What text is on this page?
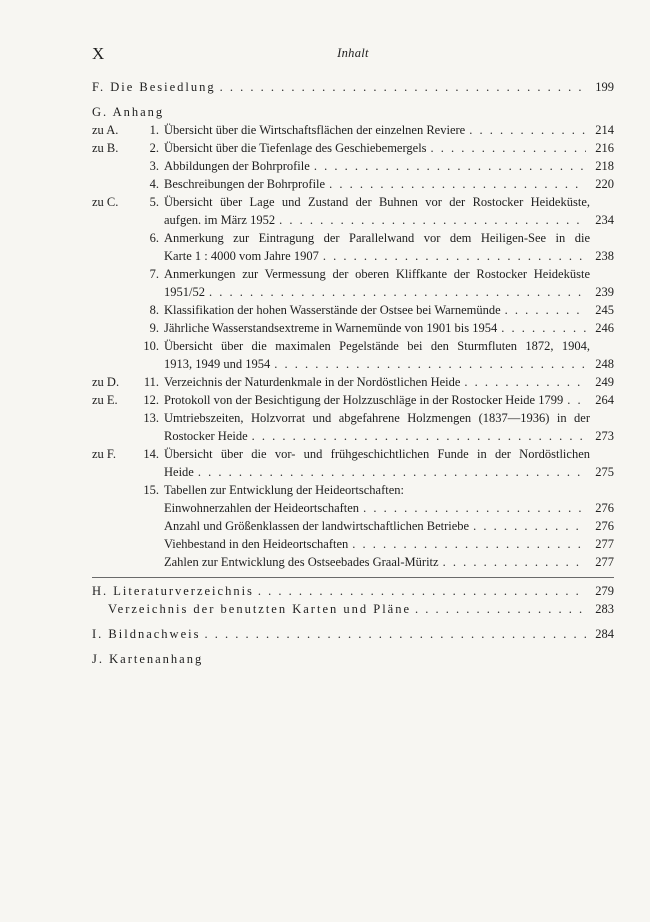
X	Inhalt
F. Die Besiedlung . . .	199
G. Anhang
zu A.	1. Übersicht über die Wirtschaftsflächen der einzelnen Reviere . . .	214
zu B.	2. Übersicht über die Tiefenlage des Geschiebemergels . . .	216
3. Abbildungen der Bohrprofile . . .	218
4. Beschreibungen der Bohrprofile . . .	220
zu C.	5. Übersicht über Lage und Zustand der Buhnen vor der Rostocker Heideküste,
aufgen. im März 1952 . . .	234
6. Anmerkung zur Eintragung der Parallelwand vor dem Heiligen-See in die
Karte 1 : 4000 vom Jahre 1907 . . .	238
7. Anmerkungen zur Vermessung der oberen Kliffkante der Rostocker Heideküste
1951/52 . . .	239
8. Klassifikation der hohen Wasserstände der Ostsee bei Warnemünde . . .	245
9. Jährliche Wasserstandsextreme in Warnemünde von 1901 bis 1954 . . .	246
10. Übersicht über die maximalen Pegelstände bei den Sturmfluten 1872, 1904,
1913, 1949 und 1954 . . .	248
zu D.	11. Verzeichnis der Naturdenkmale in der Nordöstlichen Heide . . .	249
zu E.	12. Protokoll von der Besichtigung der Holzzuschläge in der Rostocker Heide 1799 . . .	264
13. Umtriebszeiten, Holzvorrat und abgefahrene Holzmengen (1837—1936) in der
Rostocker Heide . . .	273
zu F.	14. Übersicht über die vor- und frühgeschichtlichen Funde in der Nordöstlichen
Heide . . .	275
15. Tabellen zur Entwicklung der Heideortschaften:
Einwohnerzahlen der Heideortschaften . . .	276
Anzahl und Größenklassen der landwirtschaftlichen Betriebe . . .	276
Viehbestand in den Heideortschaften . . .	277
Zahlen zur Entwicklung des Ostseebades Graal-Müritz . . .	277
H. Literaturverzeichnis . . .	279
Verzeichnis der benutzten Karten und Pläne . . .	283
I. Bildnachweis . . .	284
J. Kartenanhang
